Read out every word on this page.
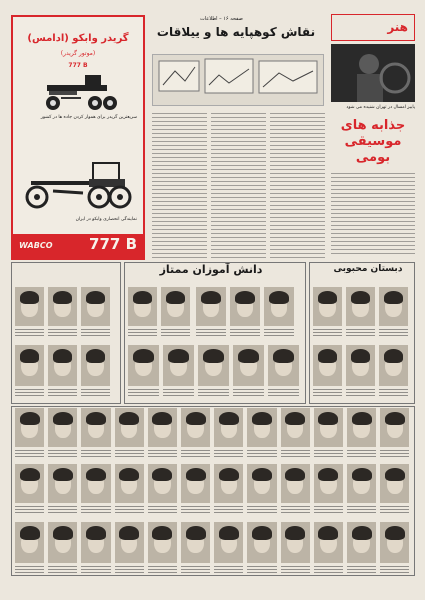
گریدر وابکو (ادامس)
(موتور گریدر)
777 B
سریعترین گریدر برای هموار کردن جاده ها در کشور
نمایندگی انحصاری وابکو در ایران
WABCO 777 B
صفحه ۱۶ – اطلاعات
نقاش کوهپایه ها و ییلاقات	هنر
پاییز امسال در تهران شنیده می شود
جذابه های موسیقی بومی
دانش آموزان ممتاز	دبستان محبوبی
